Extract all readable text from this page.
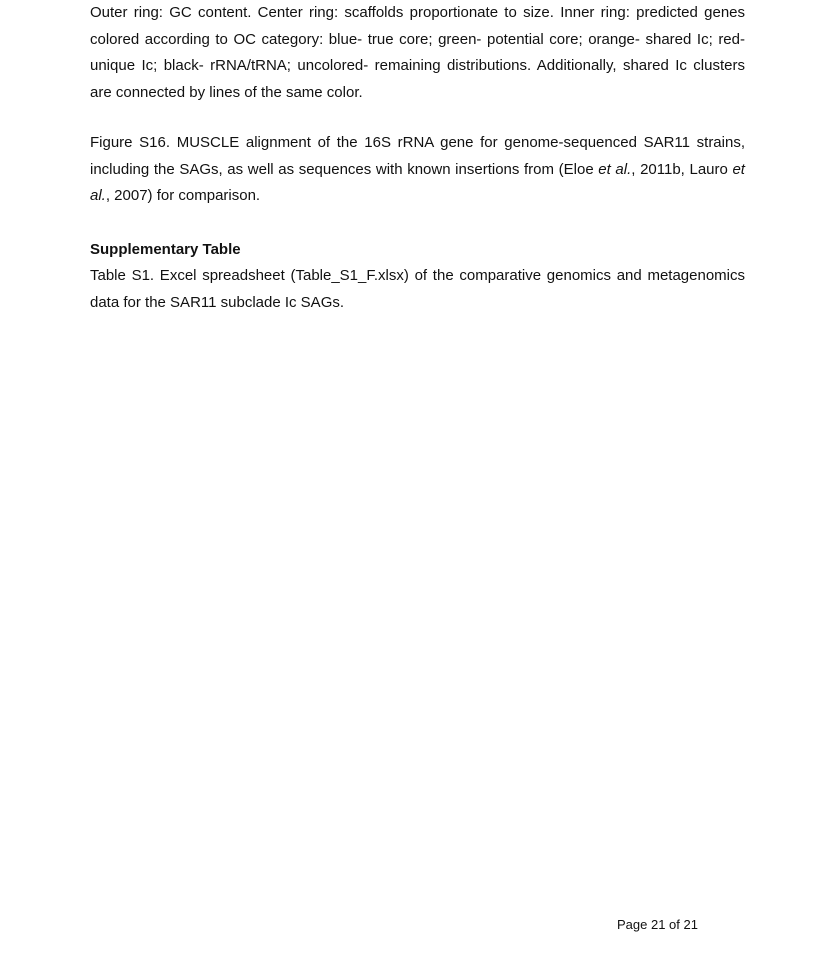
Outer ring: GC content. Center ring: scaffolds proportionate to size. Inner ring: predicted genes colored according to OC category: blue- true core; green- potential core; orange- shared Ic; red- unique Ic; black- rRNA/tRNA; uncolored- remaining distributions. Additionally, shared Ic clusters are connected by lines of the same color.

Figure S16. MUSCLE alignment of the 16S rRNA gene for genome-sequenced SAR11 strains, including the SAGs, as well as sequences with known insertions from (Eloe et al., 2011b, Lauro et al., 2007) for comparison.

Supplementary Table

Table S1. Excel spreadsheet (Table_S1_F.xlsx) of the comparative genomics and metagenomics data for the SAR11 subclade Ic SAGs.

Page 21 of 21
